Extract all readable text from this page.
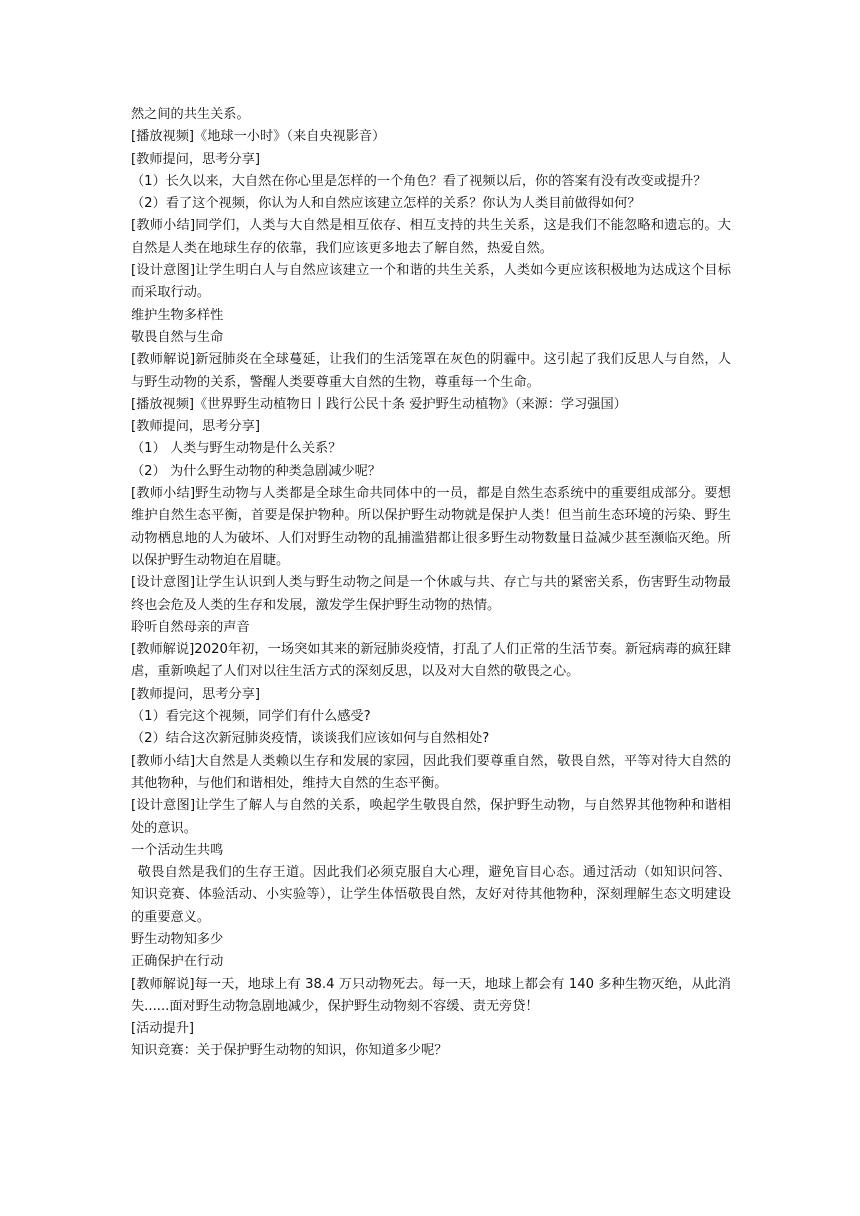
然之间的共生关系。

[播放视频]《地球一小时》（来自央视影音）

[教师提问，思考分享]

（1）长久以来，大自然在你心里是怎样的一个角色？看了视频以后，你的答案有没有改变或提升？

（2）看了这个视频，你认为人和自然应该建立怎样的关系？你认为人类目前做得如何？

[教师小结]同学们，人类与大自然是相互依存、相互支持的共生关系，这是我们不能忽略和遗忘的。大自然是人类在地球生存的依靠，我们应该更多地去了解自然，热爱自然。

[设计意图]让学生明白人与自然应该建立一个和谐的共生关系，人类如今更应该积极地为达成这个目标而采取行动。

维护生物多样性

敬畏自然与生命

[教师解说]新冠肺炎在全球蔓延，让我们的生活笼罩在灰色的阴霾中。这引起了我们反思人与自然，人与野生动物的关系，警醒人类要尊重大自然的生物，尊重每一个生命。

[播放视频]《世界野生动植物日丨践行公民十条 爱护野生动植物》（来源：学习强国）

[教师提问，思考分享]

（1） 人类与野生动物是什么关系？

（2） 为什么野生动物的种类急剧减少呢？

[教师小结]野生动物与人类都是全球生命共同体中的一员，都是自然生态系统中的重要组成部分。要想维护自然生态平衡，首要是保护物种。所以保护野生动物就是保护人类！但当前生态环境的污染、野生动物栖息地的人为破坏、人们对野生动物的乱捕滥猎都让很多野生动物数量日益减少甚至濒临灭绝。所以保护野生动物迫在眉睫。

[设计意图]让学生认识到人类与野生动物之间是一个休戚与共、存亡与共的紧密关系，伤害野生动物最终也会危及人类的生存和发展，激发学生保护野生动物的热情。

聆听自然母亲的声音

[教师解说]2020年初，一场突如其来的新冠肺炎疫情，打乱了人们正常的生活节奏。新冠病毒的疯狂肆虐，重新唤起了人们对以往生活方式的深刻反思，以及对大自然的敬畏之心。

[教师提问，思考分享]

（1）看完这个视频，同学们有什么感受?

（2）结合这次新冠肺炎疫情，谈谈我们应该如何与自然相处?

[教师小结]大自然是人类赖以生存和发展的家园，因此我们要尊重自然，敬畏自然，平等对待大自然的其他物种，与他们和谐相处，维持大自然的生态平衡。

[设计意图]让学生了解人与自然的关系，唤起学生敬畏自然，保护野生动物，与自然界其他物种和谐相处的意识。

一个活动生共鸣

敬畏自然是我们的生存王道。因此我们必须克服自大心理，避免盲目心态。通过活动（如知识问答、知识竞赛、体验活动、小实验等），让学生体悟敬畏自然，友好对待其他物种，深刻理解生态文明建设的重要意义。

野生动物知多少

正确保护在行动

[教师解说]每一天，地球上有 38.4 万只动物死去。每一天，地球上都会有 140 多种生物灭绝，从此消失......面对野生动物急剧地减少，保护野生动物刻不容缓、责无旁贷！

[活动提升]

知识竞赛：关于保护野生动物的知识，你知道多少呢？
